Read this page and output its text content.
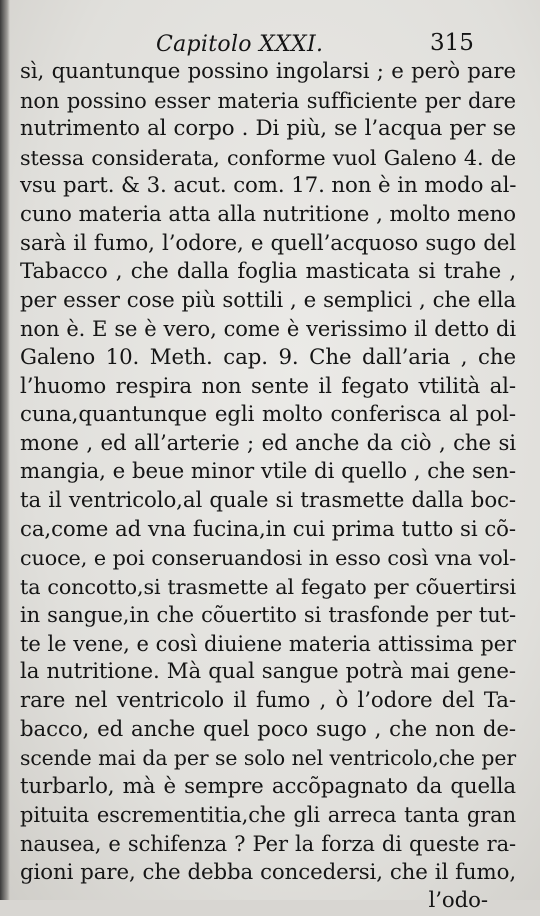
Capitolo XXXI.	315
sì, quantunque possino ingolarsi ; e però pare
non possino esser materia sufficiente per dare
nutrimento al corpo . Di più, se l’acqua per se
stessa considerata, conforme vuol Galeno 4. de
vsu part. & 3. acut. com. 17. non è in modo al-
cuno materia atta alla nutritione , molto meno
sarà il fumo, l’odore, e quell’acquoso sugo del
Tabacco , che dalla foglia masticata si trahe ,
per esser cose più sottili , e semplici , che ella
non è. E se è vero, come è verissimo il detto di
Galeno 10. Meth. cap. 9. Che dall’aria , che
l’huomo respira non sente il fegato vtilità al-
cuna,quantunque egli molto conferisca al pol-
mone , ed all’arterie ; ed anche da ciò , che si
mangia, e beue minor vtile di quello , che sen-
ta il ventricolo,al quale si trasmette dalla boc-
ca,come ad vna fucina,in cui prima tutto si cõ-
cuoce, e poi conseruandosi in esso così vna vol-
ta concotto,si trasmette al fegato per cõuertirsi
in sangue,in che cõuertito si trasfonde per tut-
te le vene, e così diuiene materia attissima per
la nutritione. Mà qual sangue potrà mai gene-
rare nel ventricolo il fumo , ò l’odore del Ta-
bacco, ed anche quel poco sugo , che non de-
scende mai da per se solo nel ventricolo,che per
turbarlo, mà è sempre accõpagnato da quella
pituita escrementitia,che gli arreca tanta gran
nausea, e schifenza ? Per la forza di queste ra-
gioni pare, che debba concedersi, che il fumo,
l’odo-
